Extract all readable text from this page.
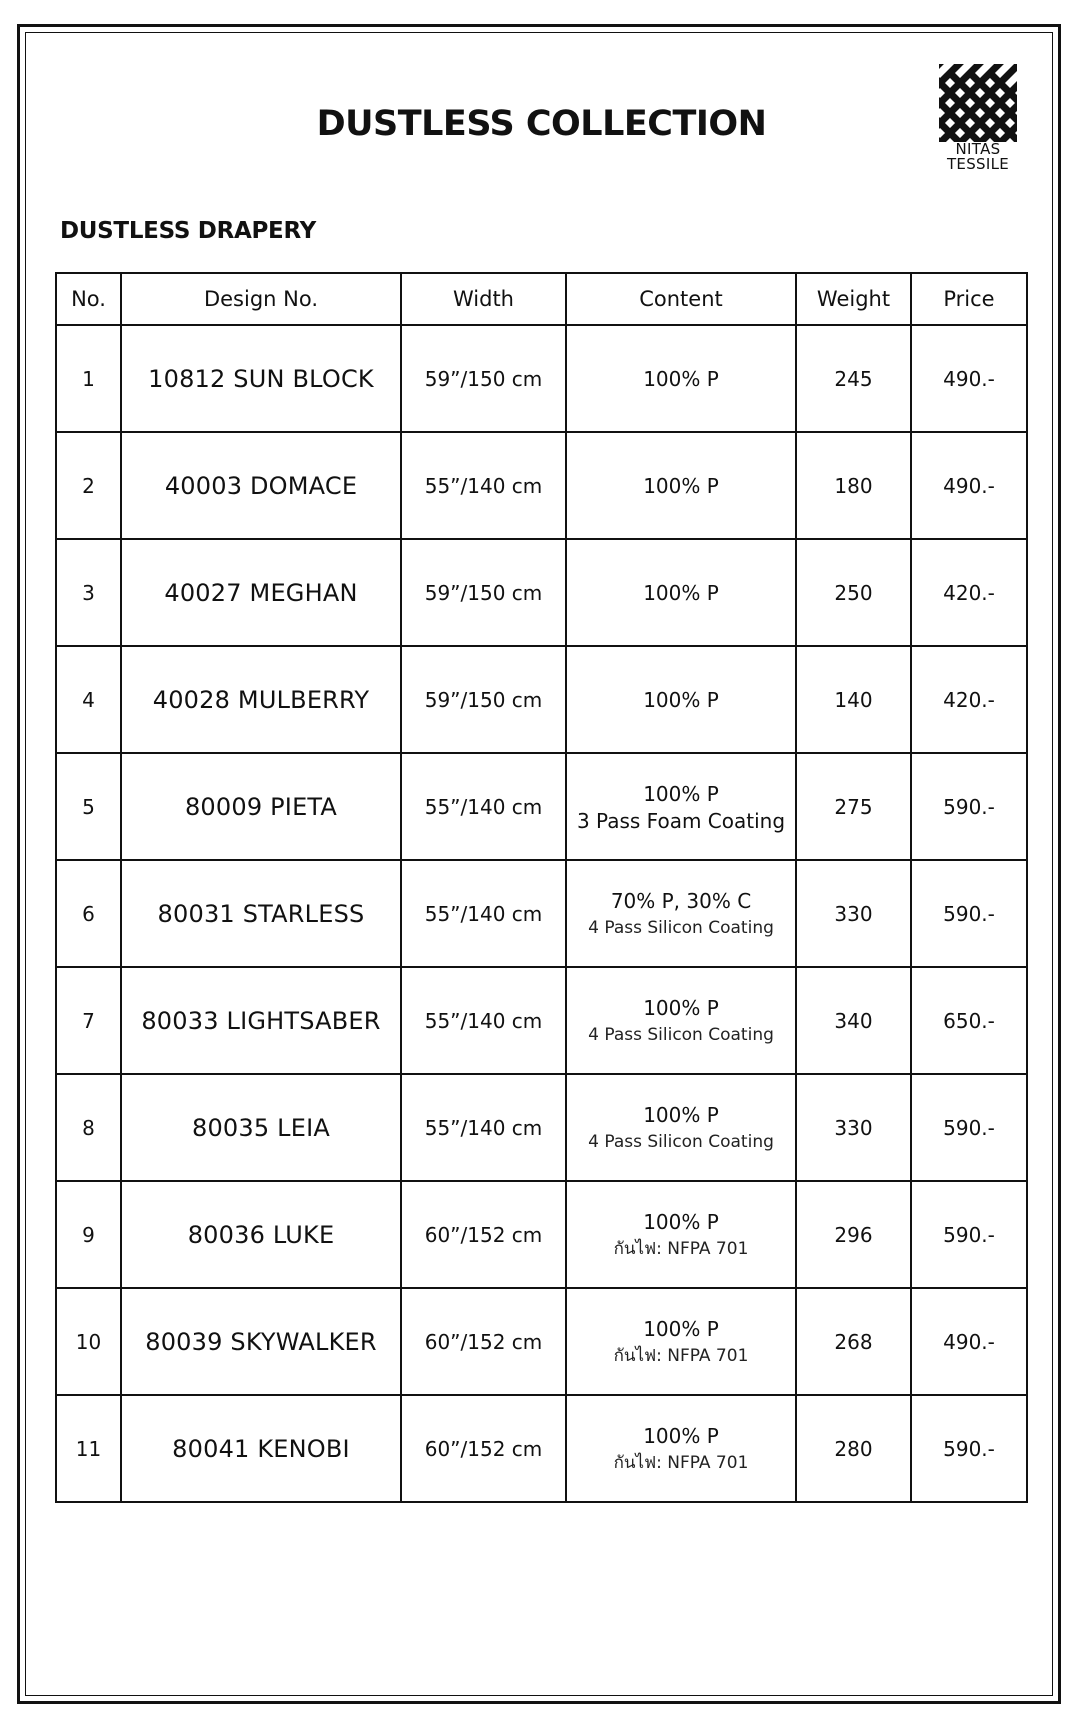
DUSTLESS COLLECTION
NITAS
TESSILE
DUSTLESS DRAPERY
No.	Design No.	Width	Content	Weight	Price
1	10812 SUN BLOCK	59”/150 cm	100% P	245	490.-
2	40003 DOMACE	55”/140 cm	100% P	180	490.-
3	40027 MEGHAN	59”/150 cm	100% P	250	420.-
4	40028 MULBERRY	59”/150 cm	100% P	140	420.-
5	80009 PIETA	55”/140 cm	100% P
3 Pass Foam Coating	275	590.-
6	80031 STARLESS	55”/140 cm	70% P, 30% C
4 Pass Silicon Coating	330	590.-
7	80033 LIGHTSABER	55”/140 cm	100% P
4 Pass Silicon Coating	340	650.-
8	80035 LEIA	55”/140 cm	100% P
4 Pass Silicon Coating	330	590.-
9	80036 LUKE	60”/152 cm	100% P
กันไฟ: NFPA 701	296	590.-
10	80039 SKYWALKER	60”/152 cm	100% P
กันไฟ: NFPA 701	268	490.-
11	80041 KENOBI	60”/152 cm	100% P
กันไฟ: NFPA 701	280	590.-
